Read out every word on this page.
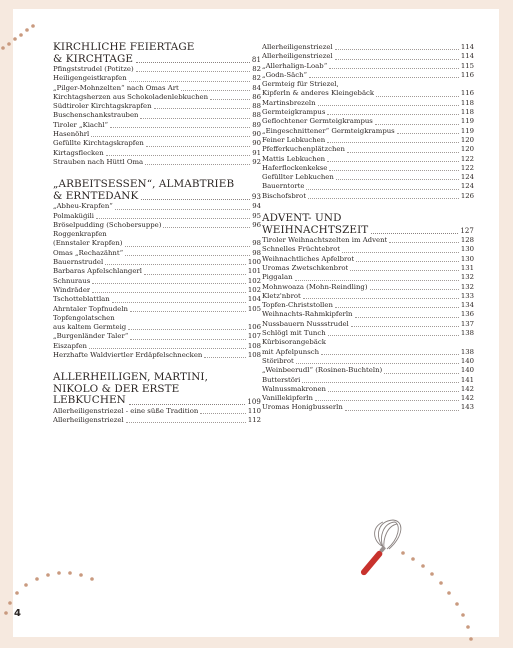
KIRCHLICHE FEIERTAGE
& KIRCHTAGE	81
Pfingststrudel (Potitze)	82
Heiligengeistkrapfen	82
„Pilger-Mohnzelten“ nach Omas Art	84
Kirchtagsherzen aus Schokoladenlebkuchen	86
Südtiroler Kirchtagskrapfen	88
Buschenschankstrauben	88
Tiroler „Kiachl“	89
Hasenöhrl	90
Gefüllte Kirchtagskrapfen	90
Kirtagsflecken	91
Strauben nach Hüttl Oma	92
„ARBEITSESSEN“, ALMABTRIEB
& ERNTEDANK	93
„Abheu-Krapfen“	94
Polmaküģili	95
Bröselpudding (Schobersuppe)	96
Roggenkrapfen
(Ennstaler Krapfen)	98
Omas „Rechazähnt“	98
Bauernstrudel	100
Barbaras Apfelschlangerl	101
Schnuraus	102
Windräder	102
Tschotteblattlan	104
Ahrntaler Topfnudeln	105
Topfengolatschen
aus kaltem Germteig	106
„Burgenländer Taler“	107
Eiszapfen	108
Herzhafte Waldviertler Erdäpfelschnecken	108
ALLERHEILIGEN, MARTINI,
NIKOLO & DER ERSTE
LEBKUCHEN	109
Allerheiligenstriezel - eine süße Tradition	110
Allerheiligenstriezel	112
Allerheiligenstriezel	114
Allerheiligenstriezel	114
„Allerhalign-Loab“	115
„Godn-Säch“	116
Germteig für Striezel,
Kipferln & anderes Kleingebäck	116
Martinsbrezeln	118
Germteigkrampus	118
Geflochtener Germteigkrampus	119
„Eingeschnittener“ Germteigkrampus	119
Feiner Lebkuchen	120
Pfefferkuchenplätzchen	120
Mattis Lebkuchen	122
Haferflockenkekse	122
Gefüllter Lebkuchen	124
Bauerntorte	124
Bischofsbrot	126
ADVENT- UND
WEIHNACHTSZEIT	127
Tiroler Weihnachtszelten im Advent	128
Schnelles Früchtebrot	130
Weihnachtliches Apfelbrot	130
Uromas Zwetschkenbrot	131
Piggalan	132
Mohnwoaza (Mohn-Reindling)	132
Kletz'nbrot	133
Topfen-Christstollen	134
Weihnachts-Rahmkipferln	136
Nussbauern Nussstrudel	137
Schlögl mit Tunch	138
Kürbisorangebäck
mit Apfelpunsch	138
Störibrot	140
„Weinbeerudl“ (Rosinen-Buchteln)	140
Butterstöri	141
Walnussmakronen	142
Vanillekipferln	142
Uromas Honigbusserln	143
4
